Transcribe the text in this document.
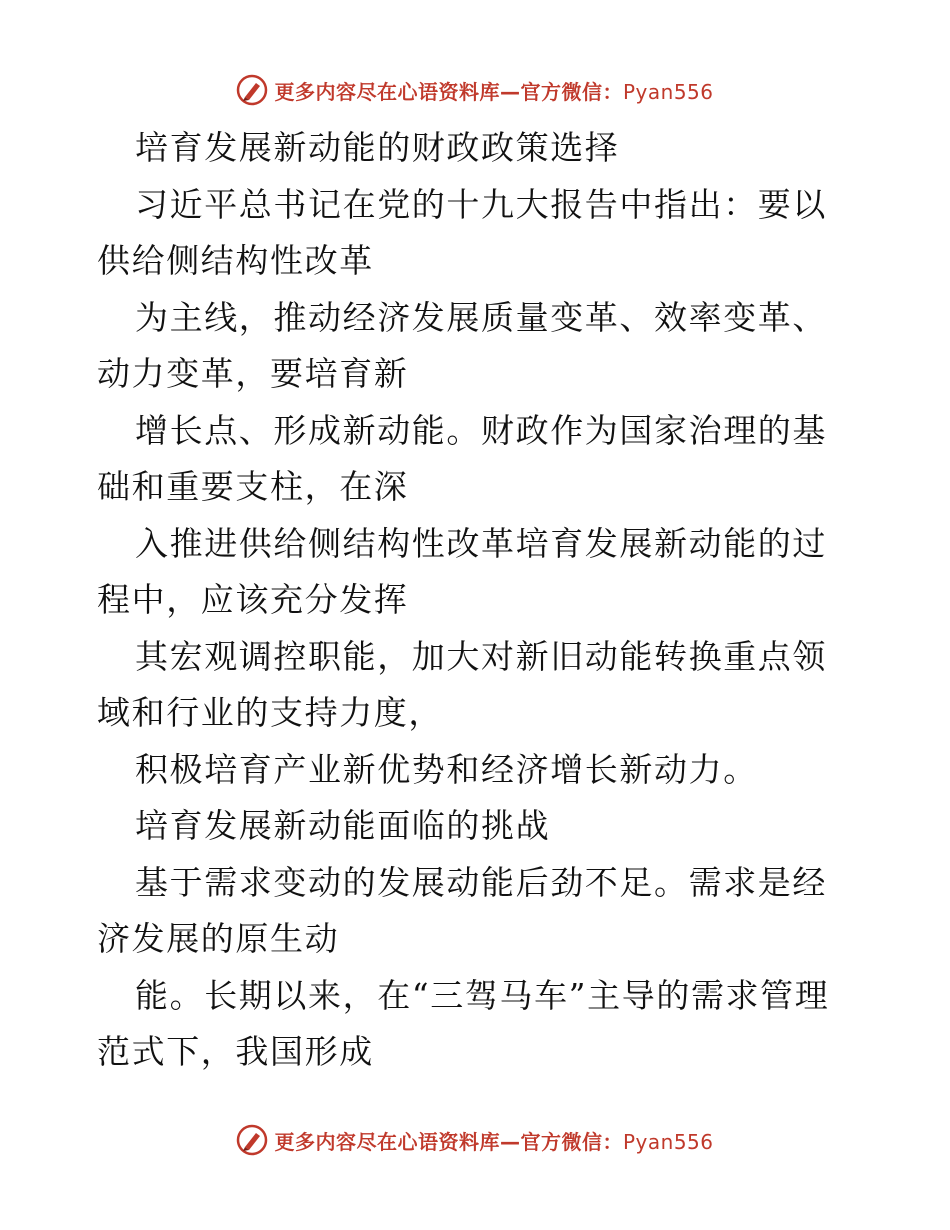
更多内容尽在心语资料库—官方微信：Pyan556

培育发展新动能的财政政策选择

习近平总书记在党的十九大报告中指出：要以供给侧结构性改革

为主线，推动经济发展质量变革、效率变革、动力变革，要培育新

增长点、形成新动能。财政作为国家治理的基础和重要支柱，在深

入推进供给侧结构性改革培育发展新动能的过程中，应该充分发挥

其宏观调控职能，加大对新旧动能转换重点领域和行业的支持力度，

积极培育产业新优势和经济增长新动力。

培育发展新动能面临的挑战

基于需求变动的发展动能后劲不足。需求是经济发展的原生动

能。长期以来，在“三驾马车”主导的需求管理范式下，我国形成

更多内容尽在心语资料库—官方微信：Pyan556
